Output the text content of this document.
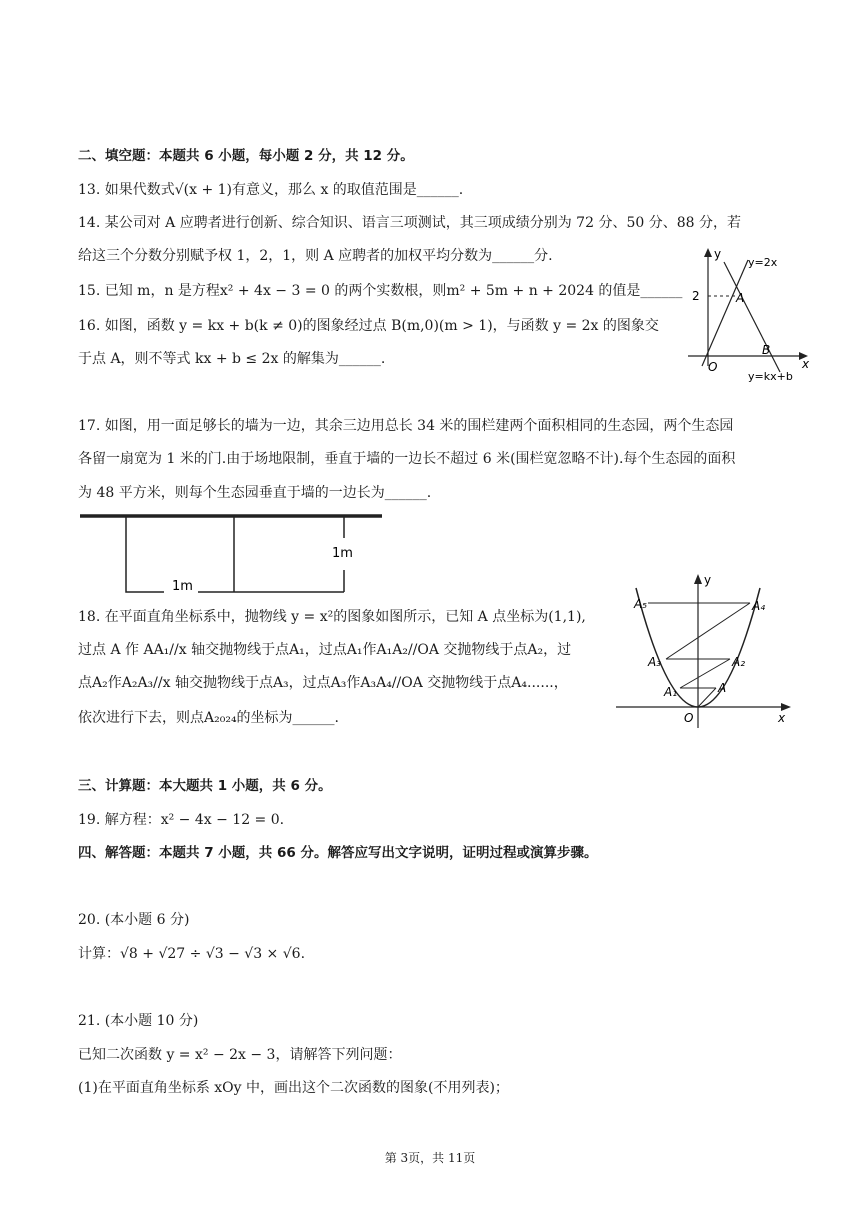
二、填空题：本题共 6 小题，每小题 2 分，共 12 分。
13. 如果代数式√(x + 1)有意义，那么 x 的取值范围是______.
14. 某公司对 A 应聘者进行创新、综合知识、语言三项测试，其三项成绩分别为 72 分、50 分、88 分，若
给这三个分数分别赋予权 1，2，1，则 A 应聘者的加权平均分数为______分.
15. 已知 m，n 是方程x² + 4x − 3 = 0 的两个实数根，则m² + 5m + n + 2024 的值是______
16. 如图，函数 y = kx + b(k ≠ 0)的图象经过点 B(m,0)(m > 1)，与函数 y = 2x 的图象交
于点 A，则不等式 kx + b ≤ 2x 的解集为______.
y
x
O
2
y=2x
A
B
y=kx+b
17. 如图，用一面足够长的墙为一边，其余三边用总长 34 米的围栏建两个面积相同的生态园，两个生态园
各留一扇宽为 1 米的门.由于场地限制，垂直于墙的一边长不超过 6 米(围栏宽忽略不计).每个生态园的面积
为 48 平方米，则每个生态园垂直于墙的一边长为______.
1m
1m
18. 在平面直角坐标系中，抛物线 y = x²的图象如图所示，已知 A 点坐标为(1,1),
过点 A 作 AA₁//x 轴交抛物线于点A₁，过点A₁作A₁A₂//OA 交抛物线于点A₂，过
点A₂作A₂A₃//x 轴交抛物线于点A₃，过点A₃作A₃A₄//OA 交抛物线于点A₄......，
依次进行下去，则点A₂₀₂₄的坐标为______.
y
x
O
A₅	A₄
A₃	A₂
A₁	A
三、计算题：本大题共 1 小题，共 6 分。
19. 解方程：x² − 4x − 12 = 0.
四、解答题：本题共 7 小题，共 66 分。解答应写出文字说明，证明过程或演算步骤。
20. (本小题 6 分)
计算：√8 + √27 ÷ √3 − √3 × √6.
21. (本小题 10 分)
已知二次函数 y = x² − 2x − 3，请解答下列问题：
(1)在平面直角坐标系 xOy 中，画出这个二次函数的图象(不用列表)；
第 3页，共 11页
